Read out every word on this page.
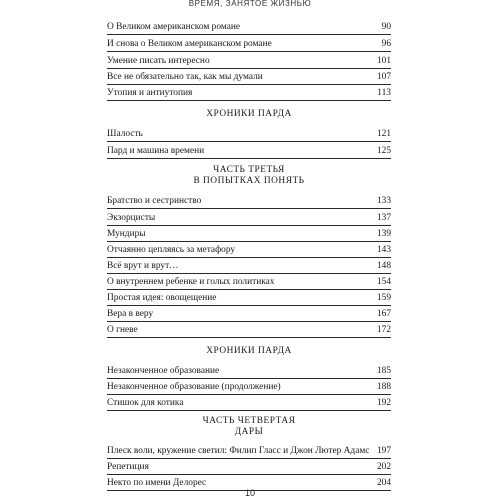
ВРЕМЯ, ЗАНЯТОЕ ЖИЗНЬЮ
О Великом американском романе	90
И снова о Великом американском романе	96
Умение писать интересно	101
Все не обязательно так, как мы думали	107
Утопия и антиутопия	113
ХРОНИКИ ПАРДА
Шалость	121
Пард и машина времени	125
ЧАСТЬ ТРЕТЬЯ
В ПОПЫТКАХ ПОНЯТЬ
Братство и сестринство	133
Экзорцисты	137
Мундиры	139
Отчаянно цепляясь за метафору	143
Всё врут и врут…	148
О внутреннем ребенке и голых политиках	154
Простая идея: овощещение	159
Вера в веру	167
О гневе	172
ХРОНИКИ ПАРДА
Незаконченное образование	185
Незаконченное образование (продолжение)	188
Стишок для котика	192
ЧАСТЬ ЧЕТВЕРТАЯ
ДАРЫ
Плеск воли, кружение светил: Филип Гласс и Джон Лютер Адамс 197
Репетиция	202
Некто по имени Делорес	204
10
